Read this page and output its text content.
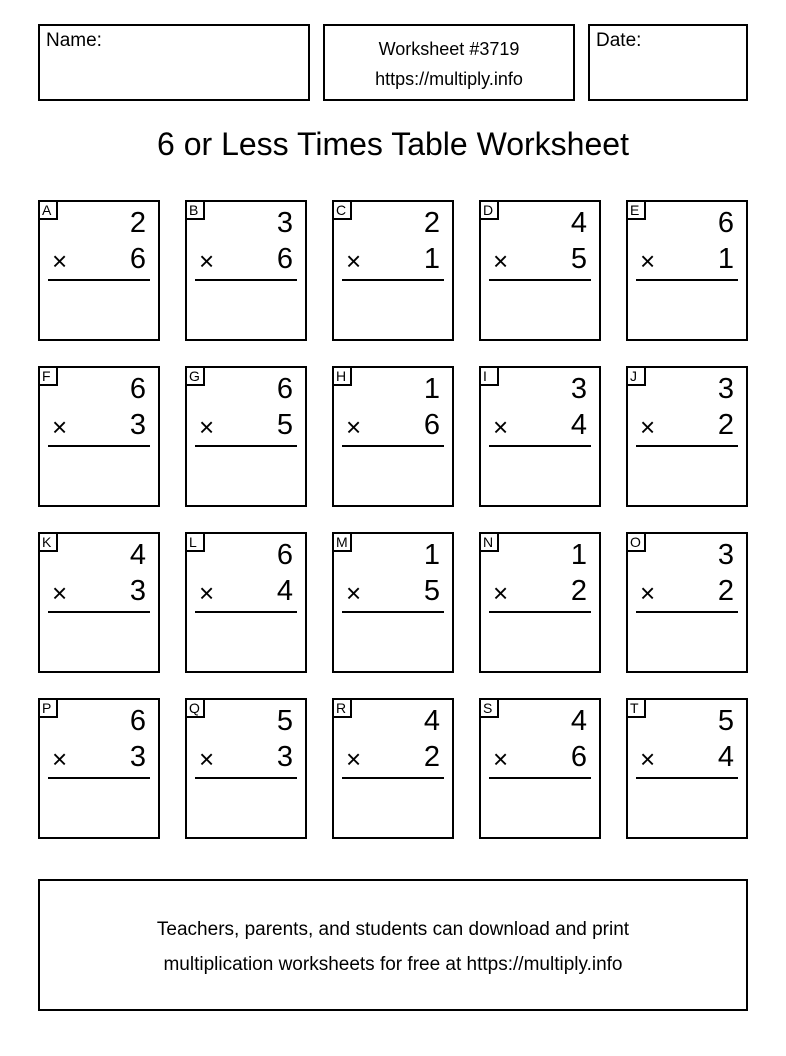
Name:	Worksheet #3719
https://multiply.info
Date:
6 or Less Times Table Worksheet
A	2
× 6
B	3
× 6
C	2
× 1
D	4
× 5
E	6
× 1
F	6
× 3
G	6
× 5
H	1
× 6
I	3
× 4
J	3
× 2
K	4
× 3
L	6
× 4
M	1
× 5
N	1
× 2
O	3
× 2
P	6
× 3
Q	5
× 3
R	4
× 2
S	4
× 6
T	5
× 4
Teachers, parents, and students can download and print
multiplication worksheets for free at https://multiply.info
